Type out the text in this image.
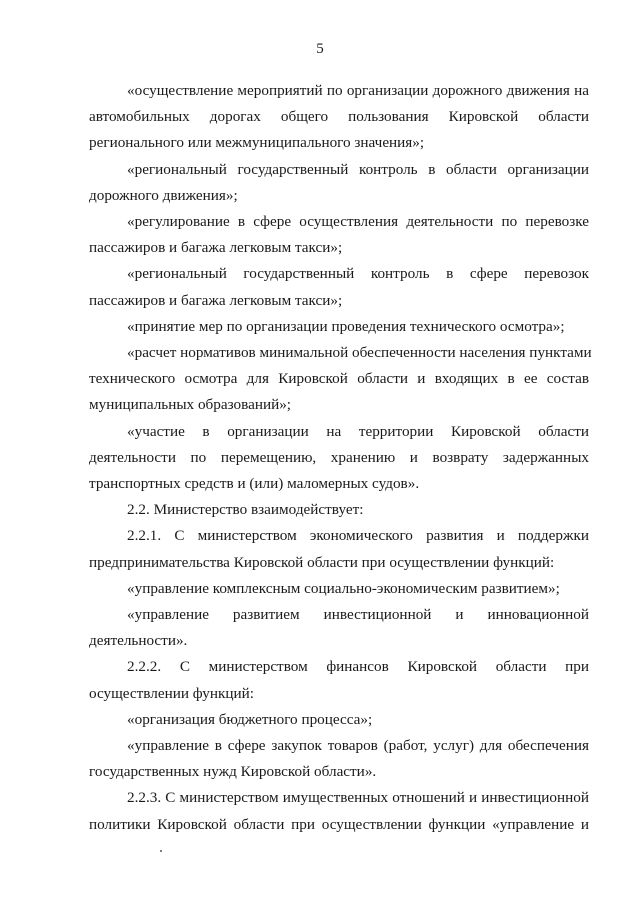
5

«осуществление мероприятий по организации дорожного движения на
автомобильных дорогах общего пользования Кировской области
регионального или межмуниципального значения»;

«региональный государственный контроль в области организации
дорожного движения»;

«регулирование в сфере осуществления деятельности по перевозке
пассажиров и багажа легковым такси»;

«региональный государственный контроль в сфере перевозок
пассажиров и багажа легковым такси»;

«принятие мер по организации проведения технического осмотра»;

«расчет нормативов минимальной обеспеченности населения пунктами
технического осмотра для Кировской области и входящих в ее состав
муниципальных образований»;

«участие в организации на территории Кировской области
деятельности по перемещению, хранению и возврату задержанных
транспортных средств и (или) маломерных судов».

2.2. Министерство взаимодействует:

2.2.1. С министерством экономического развития и поддержки
предпринимательства Кировской области при осуществлении функций:

«управление комплексным социально-экономическим развитием»;

«управление развитием инвестиционной и инновационной
деятельности».

2.2.2. С министерством финансов Кировской области при
осуществлении функций:

«организация бюджетного процесса»;

«управление в сфере закупок товаров (работ, услуг) для обеспечения
государственных нужд Кировской области».

2.2.3. С министерством имущественных отношений и инвестиционной
политики Кировской области при осуществлении функции «управление и
